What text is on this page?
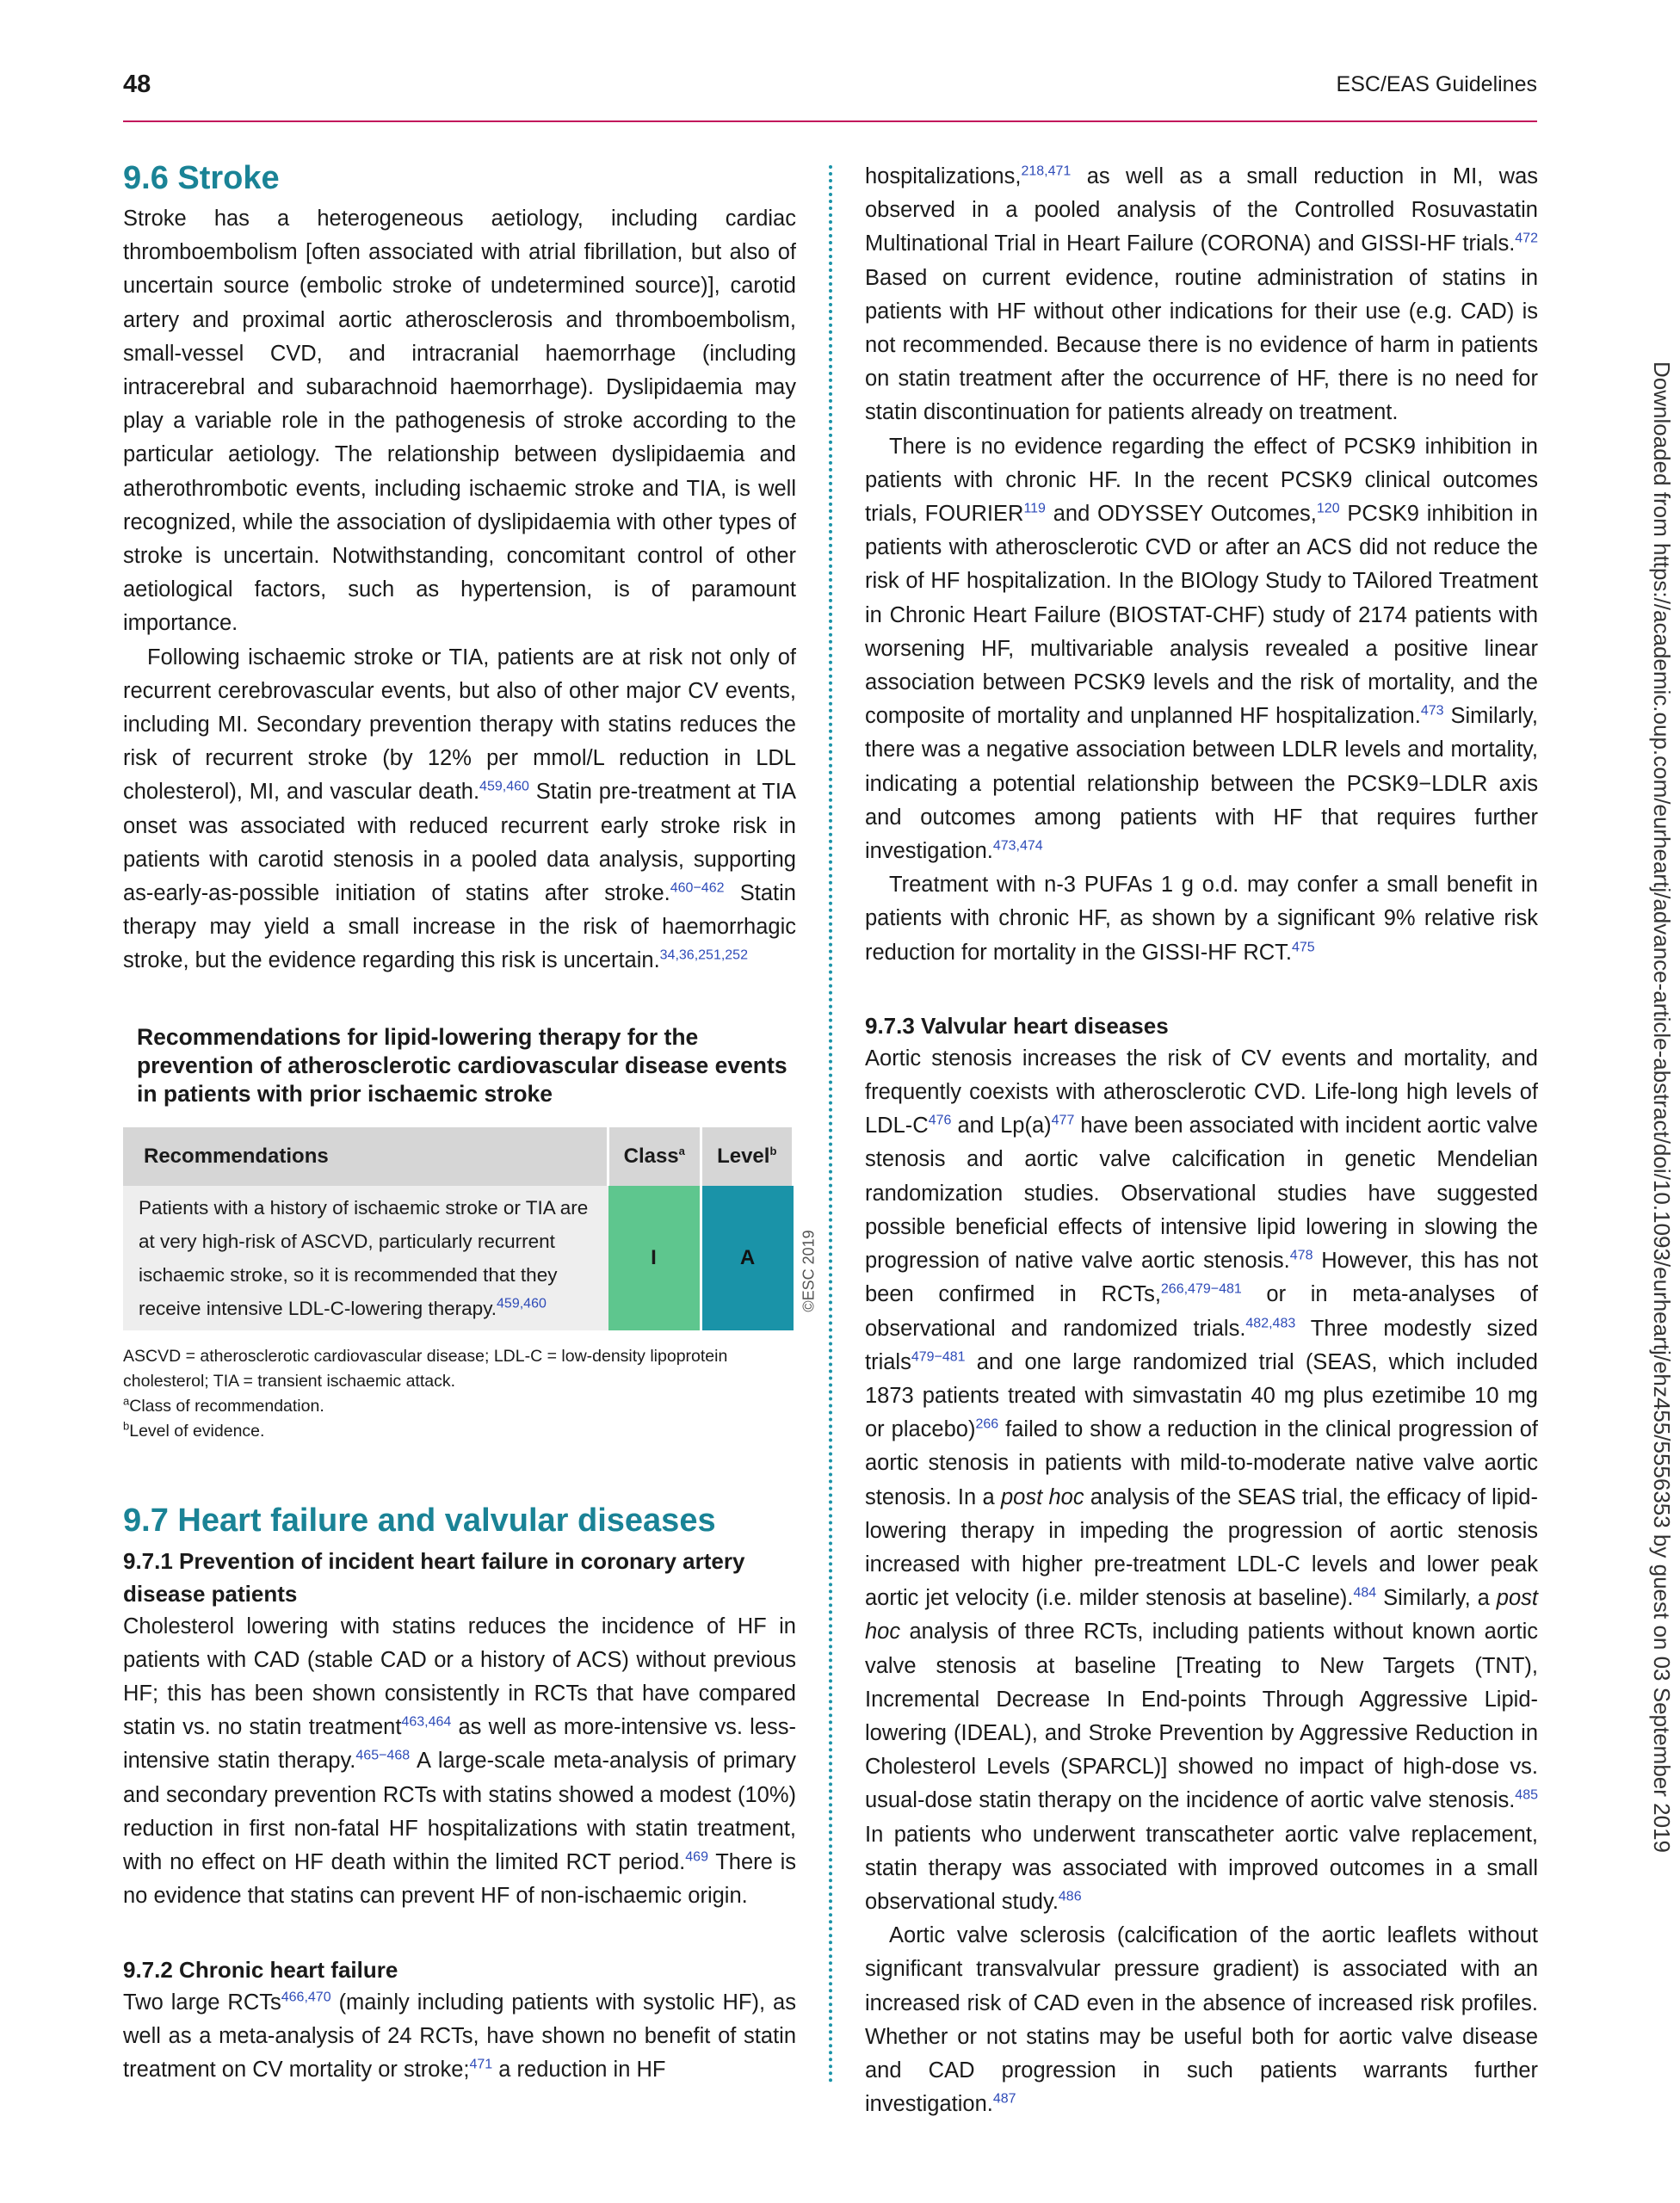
48	ESC/EAS Guidelines
9.6 Stroke

Stroke has a heterogeneous aetiology, including cardiac thromboembolism [often associated with atrial fibrillation, but also of uncertain source (embolic stroke of undetermined source)], carotid artery and proximal aortic atherosclerosis and thromboembolism, small-vessel CVD, and intracranial haemorrhage (including intracerebral and subarachnoid haemorrhage). Dyslipidaemia may play a variable role in the pathogenesis of stroke according to the particular aetiology. The relationship between dyslipidaemia and atherothrombotic events, including ischaemic stroke and TIA, is well recognized, while the association of dyslipidaemia with other types of stroke is uncertain. Notwithstanding, concomitant control of other aetiological factors, such as hypertension, is of paramount importance.

Following ischaemic stroke or TIA, patients are at risk not only of recurrent cerebrovascular events, but also of other major CV events, including MI. Secondary prevention therapy with statins reduces the risk of recurrent stroke (by 12% per mmol/L reduction in LDL cholesterol), MI, and vascular death.$^{459,460}$ Statin pre-treatment at TIA onset was associated with reduced recurrent early stroke risk in patients with carotid stenosis in a pooled data analysis, supporting as-early-as-possible initiation of statins after stroke.$^{460-462}$ Statin therapy may yield a small increase in the risk of haemorrhagic stroke, but the evidence regarding this risk is uncertain.$^{34,36,251,252}$

Recommendations for lipid-lowering therapy for the prevention of atherosclerotic cardiovascular disease events in patients with prior ischaemic stroke
Recommendations	Class$^a$	Level$^b$
Patients with a history of ischaemic stroke or TIA are at very high-risk of ASCVD, particularly recurrent ischaemic stroke, so it is recommended that they receive intensive LDL-C-lowering therapy.$^{459,460}$	I	A
ASCVD = atherosclerotic cardiovascular disease; LDL-C = low-density lipoprotein cholesterol; TIA = transient ischaemic attack.
$^a$Class of recommendation.
$^b$Level of evidence.
9.7 Heart failure and valvular diseases
9.7.1 Prevention of incident heart failure in coronary artery disease patients

Cholesterol lowering with statins reduces the incidence of HF in patients with CAD (stable CAD or a history of ACS) without previous HF; this has been shown consistently in RCTs that have compared statin vs. no statin treatment$^{463,464}$ as well as more-intensive vs. less-intensive statin therapy.$^{465-468}$ A large-scale meta-analysis of primary and secondary prevention RCTs with statins showed a modest (10%) reduction in first non-fatal HF hospitalizations with statin treatment, with no effect on HF death within the limited RCT period.$^{469}$ There is no evidence that statins can prevent HF of non-ischaemic origin.

9.7.2 Chronic heart failure

Two large RCTs$^{466,470}$ (mainly including patients with systolic HF), as well as a meta-analysis of 24 RCTs, have shown no benefit of statin treatment on CV mortality or stroke;$^{471}$ a reduction in HF

©ESC 2019

hospitalizations,$^{218,471}$ as well as a small reduction in MI, was observed in a pooled analysis of the Controlled Rosuvastatin Multinational Trial in Heart Failure (CORONA) and GISSI-HF trials.$^{472}$ Based on current evidence, routine administration of statins in patients with HF without other indications for their use (e.g. CAD) is not recommended. Because there is no evidence of harm in patients on statin treatment after the occurrence of HF, there is no need for statin discontinuation for patients already on treatment.

There is no evidence regarding the effect of PCSK9 inhibition in patients with chronic HF. In the recent PCSK9 clinical outcomes trials, FOURIER$^{119}$ and ODYSSEY Outcomes,$^{120}$ PCSK9 inhibition in patients with atherosclerotic CVD or after an ACS did not reduce the risk of HF hospitalization. In the BIOlogy Study to TAilored Treatment in Chronic Heart Failure (BIOSTAT-CHF) study of 2174 patients with worsening HF, multivariable analysis revealed a positive linear association between PCSK9 levels and the risk of mortality, and the composite of mortality and unplanned HF hospitalization.$^{473}$ Similarly, there was a negative association between LDLR levels and mortality, indicating a potential relationship between the PCSK9−LDLR axis and outcomes among patients with HF that requires further investigation.$^{473,474}$

Treatment with n-3 PUFAs 1 g o.d. may confer a small benefit in patients with chronic HF, as shown by a significant 9% relative risk reduction for mortality in the GISSI-HF RCT.$^{475}$

9.7.3 Valvular heart diseases

Aortic stenosis increases the risk of CV events and mortality, and frequently coexists with atherosclerotic CVD. Life-long high levels of LDL-$C^{476}$ and $Lp(a)^{477}$ have been associated with incident aortic valve stenosis and aortic valve calcification in genetic Mendelian randomization studies. Observational studies have suggested possible beneficial effects of intensive lipid lowering in slowing the progression of native valve aortic stenosis.$^{478}$ However, this has not been confirmed in RCTs,$^{266,479-481}$ or in meta-analyses of observational and randomized trials.$^{482,483}$ Three modestly sized trials$^{479-481}$ and one large randomized trial (SEAS, which included 1873 patients treated with simvastatin 40 mg plus ezetimibe 10 mg or placebo)$^{266}$ failed to show a reduction in the clinical progression of aortic stenosis in patients with mild-to-moderate native valve aortic stenosis. In a post hoc analysis of the SEAS trial, the efficacy of lipid-lowering therapy in impeding the progression of aortic stenosis increased with higher pre-treatment LDL-C levels and lower peak aortic jet velocity (i.e. milder stenosis at baseline).$^{484}$ Similarly, a post hoc analysis of three RCTs, including patients without known aortic valve stenosis at baseline [Treating to New Targets (TNT), Incremental Decrease In End-points Through Aggressive Lipid-lowering (IDEAL), and Stroke Prevention by Aggressive Reduction in Cholesterol Levels (SPARCL)] showed no impact of high-dose vs. usual-dose statin therapy on the incidence of aortic valve stenosis.$^{485}$ In patients who underwent transcatheter aortic valve replacement, statin therapy was associated with improved outcomes in a small observational study.$^{486}$

Aortic valve sclerosis (calcification of the aortic leaflets without significant transvalvular pressure gradient) is associated with an increased risk of CAD even in the absence of increased risk profiles. Whether or not statins may be useful both for aortic valve disease and CAD progression in such patients warrants further investigation.$^{487}$

Downloaded from https://academic.oup.com/eurheartj/advance-article-abstract/doi/10.1093/eurheartj/ehz455/5556353 by guest on 03 September 2019
